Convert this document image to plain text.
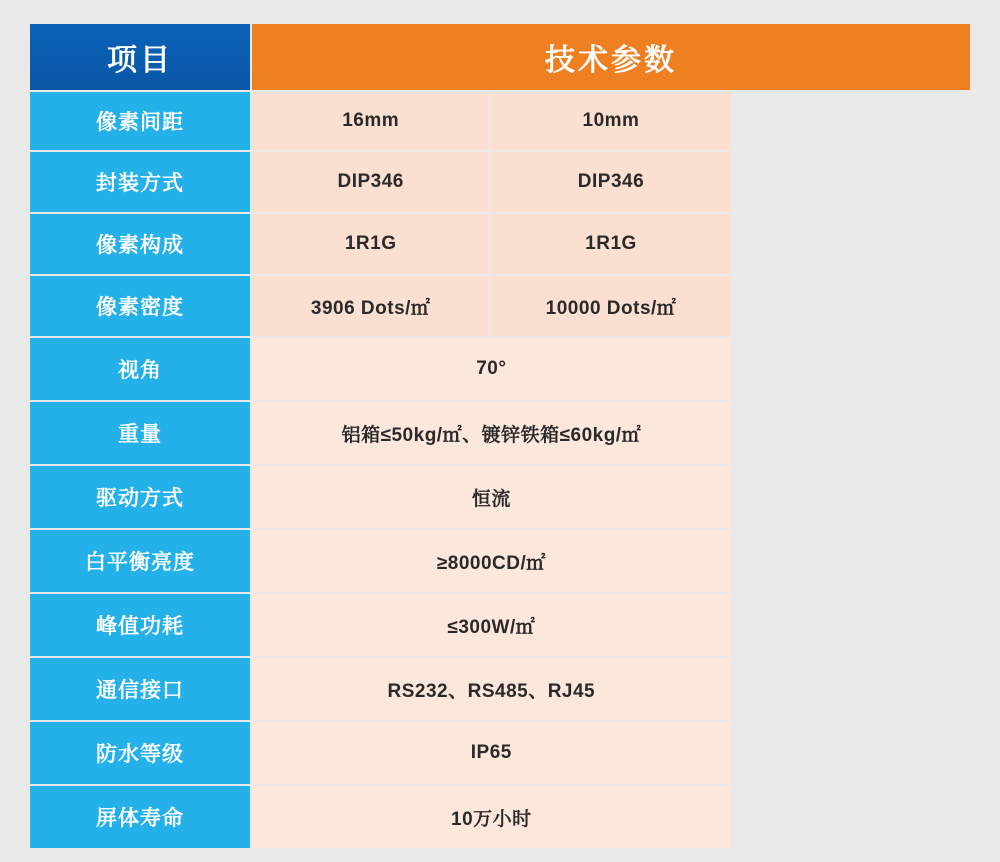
项目		技术参数	
像素间距		16mm	10mm
封装方式		DIP346	DIP346
像素构成		1R1G	1R1G
像素密度		3906 Dots/㎡	10000 Dots/㎡
视角		70°	
重量		铝箱≤50kg/㎡、镀锌铁箱≤60kg/㎡	
驱动方式		恒流	
白平衡亮度		≥8000CD/㎡	
峰值功耗		≤300W/㎡	
通信接口		RS232、RS485、RJ45	
防水等级		IP65	
屏体寿命		10万小时	
